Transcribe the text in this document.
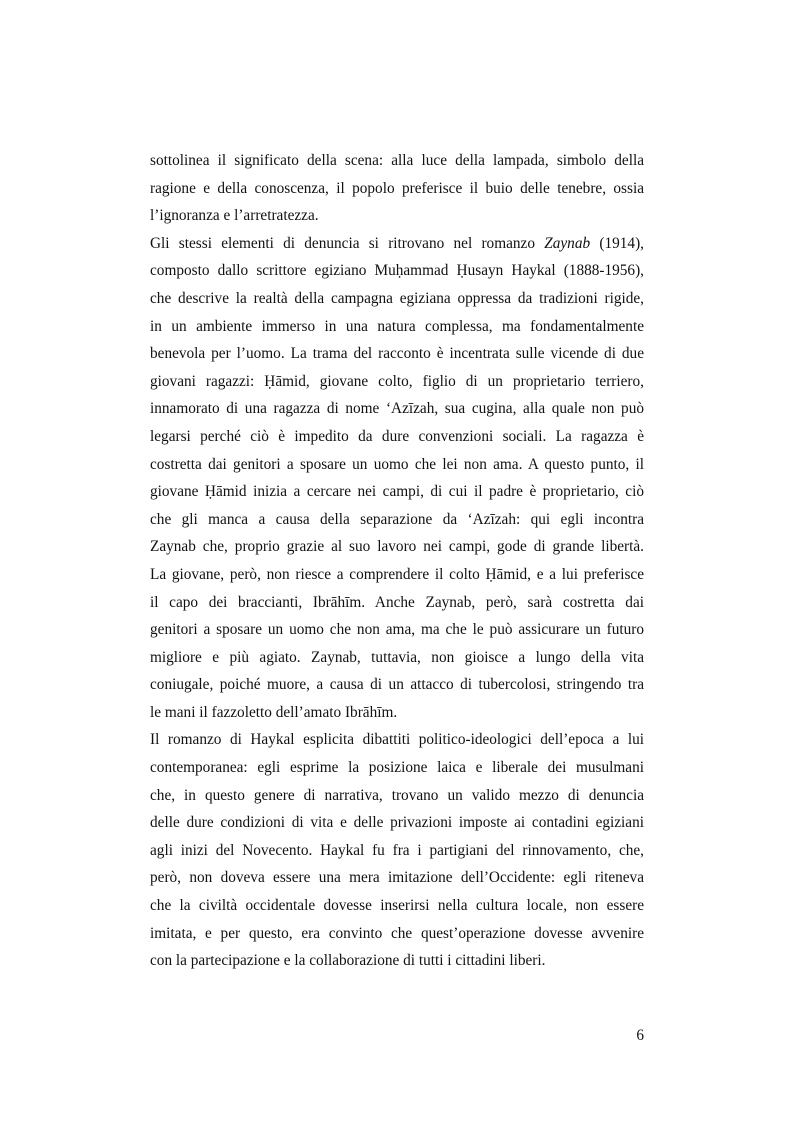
sottolinea il significato della scena: alla luce della lampada, simbolo della
ragione e della conoscenza, il popolo preferisce il buio delle tenebre, ossia
l’ignoranza e l’arretratezza.
Gli stessi elementi di denuncia si ritrovano nel romanzo Zaynab (1914),
composto dallo scrittore egiziano Muḥammad Ḥusayn Haykal (1888-1956),
che descrive la realtà della campagna egiziana oppressa da tradizioni rigide,
in un ambiente immerso in una natura complessa, ma fondamentalmente
benevola per l’uomo. La trama del racconto è incentrata sulle vicende di due
giovani ragazzi: Ḥāmid, giovane colto, figlio di un proprietario terriero,
innamorato di una ragazza di nome ‘Azīzah, sua cugina, alla quale non può
legarsi perché ciò è impedito da dure convenzioni sociali. La ragazza è
costretta dai genitori a sposare un uomo che lei non ama. A questo punto, il
giovane Ḥāmid inizia a cercare nei campi, di cui il padre è proprietario, ciò
che gli manca a causa della separazione da ‘Azīzah: qui egli incontra
Zaynab che, proprio grazie al suo lavoro nei campi, gode di grande libertà.
La giovane, però, non riesce a comprendere il colto Ḥāmid, e a lui preferisce
il capo dei braccianti, Ibrāhīm. Anche Zaynab, però, sarà costretta dai
genitori a sposare un uomo che non ama, ma che le può assicurare un futuro
migliore e più agiato. Zaynab, tuttavia, non gioisce a lungo della vita
coniugale, poiché muore, a causa di un attacco di tubercolosi, stringendo tra
le mani il fazzoletto dell’amato Ibrāhīm.
Il romanzo di Haykal esplicita dibattiti politico-ideologici dell’epoca a lui
contemporanea: egli esprime la posizione laica e liberale dei musulmani
che, in questo genere di narrativa, trovano un valido mezzo di denuncia
delle dure condizioni di vita e delle privazioni imposte ai contadini egiziani
agli inizi del Novecento. Haykal fu fra i partigiani del rinnovamento, che,
però, non doveva essere una mera imitazione dell’Occidente: egli riteneva
che la civiltà occidentale dovesse inserirsi nella cultura locale, non essere
imitata, e per questo, era convinto che quest’operazione dovesse avvenire
con la partecipazione e la collaborazione di tutti i cittadini liberi.
6
